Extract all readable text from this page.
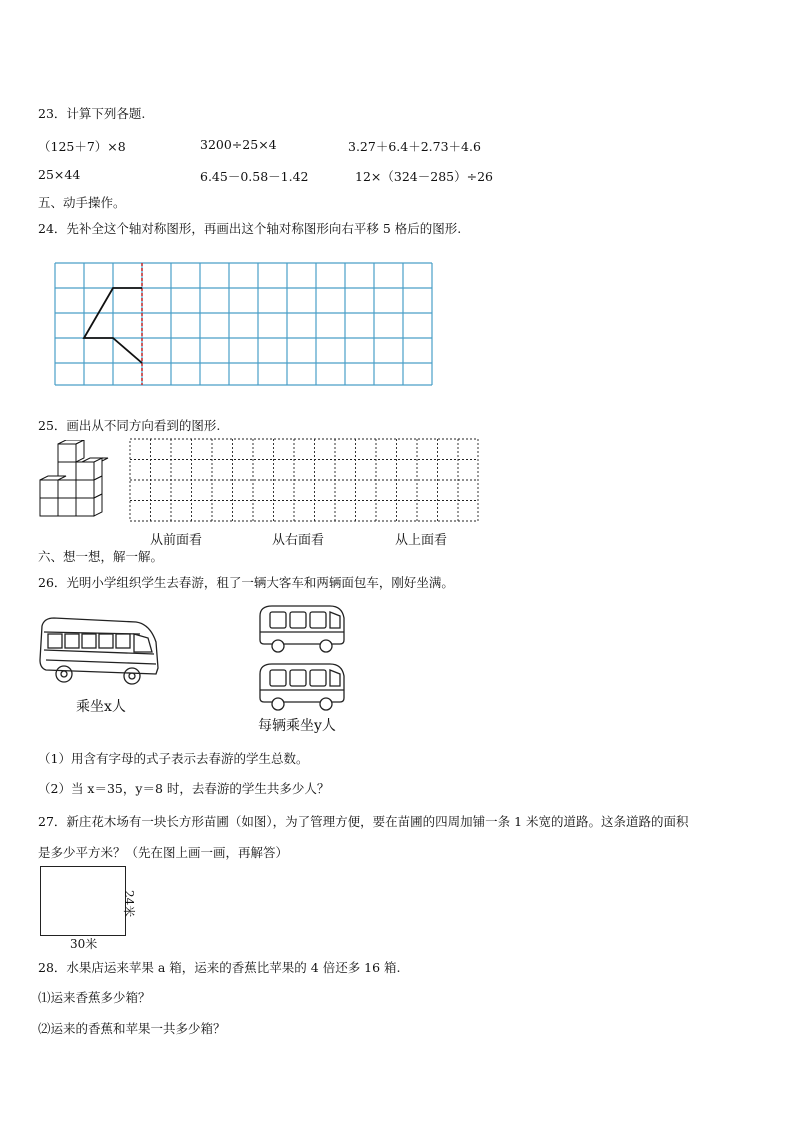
23．计算下列各题.
（125＋7）×8	3200÷25×4	3.27＋6.4＋2.73＋4.6
25×44	6.45－0.58－1.42	12×（324－285）÷26
五、动手操作。
24．先补全这个轴对称图形，再画出这个轴对称图形向右平移 5 格后的图形.
25．画出从不同方向看到的图形.
从前面看	从右面看	从上面看
六、想一想，解一解。
26．光明小学组织学生去春游，租了一辆大客车和两辆面包车，刚好坐满。
乘坐x人
每辆乘坐y人
（1）用含有字母的式子表示去春游的学生总数。
（2）当 x＝35，y＝8 时，去春游的学生共多少人？
27．新庄花木场有一块长方形苗圃（如图），为了管理方便，要在苗圃的四周加铺一条 1 米宽的道路。这条道路的面积
是多少平方米？（先在图上画一画，再解答）
30米
24米
28．水果店运来苹果 a 箱，运来的香蕉比苹果的 4 倍还多 16 箱.
⑴运来香蕉多少箱？
⑵运来的香蕉和苹果一共多少箱？
